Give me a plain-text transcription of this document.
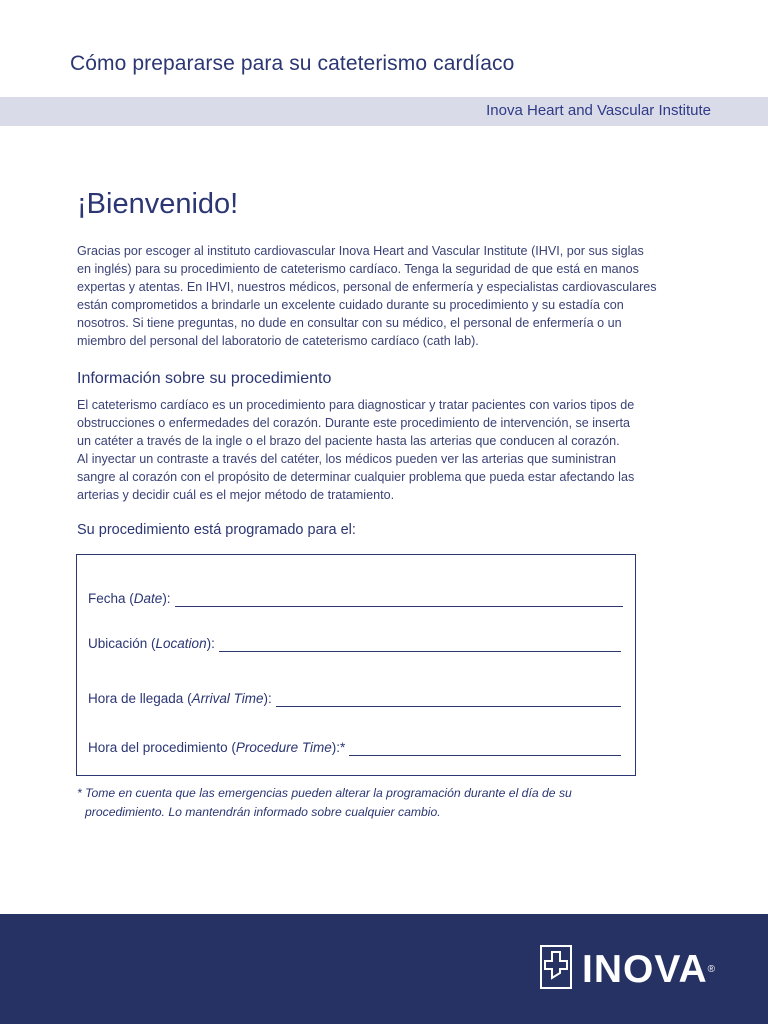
Cómo prepararse para su cateterismo cardíaco
Inova Heart and Vascular Institute
¡Bienvenido!
Gracias por escoger al instituto cardiovascular Inova Heart and Vascular Institute (IHVI, por sus siglas
en inglés) para su procedimiento de cateterismo cardíaco. Tenga la seguridad de que está en manos
expertas y atentas. En IHVI, nuestros médicos, personal de enfermería y especialistas cardiovasculares
están comprometidos a brindarle un excelente cuidado durante su procedimiento y su estadía con
nosotros. Si tiene preguntas, no dude en consultar con su médico, el personal de enfermería o un
miembro del personal del laboratorio de cateterismo cardíaco (cath lab).
Información sobre su procedimiento
El cateterismo cardíaco es un procedimiento para diagnosticar y tratar pacientes con varios tipos de
obstrucciones o enfermedades del corazón. Durante este procedimiento de intervención, se inserta
un catéter a través de la ingle o el brazo del paciente hasta las arterias que conducen al corazón.
Al inyectar un contraste a través del catéter, los médicos pueden ver las arterias que suministran
sangre al corazón con el propósito de determinar cualquier problema que pueda estar afectando las
arterias y decidir cuál es el mejor método de tratamiento.
Su procedimiento está programado para el:
Fecha (Date):
Ubicación (Location):
Hora de llegada (Arrival Time):
Hora del procedimiento (Procedure Time):*
* Tome en cuenta que las emergencias pueden alterar la programación durante el día de su procedimiento. Lo mantendrán informado sobre cualquier cambio.
INOVA®
